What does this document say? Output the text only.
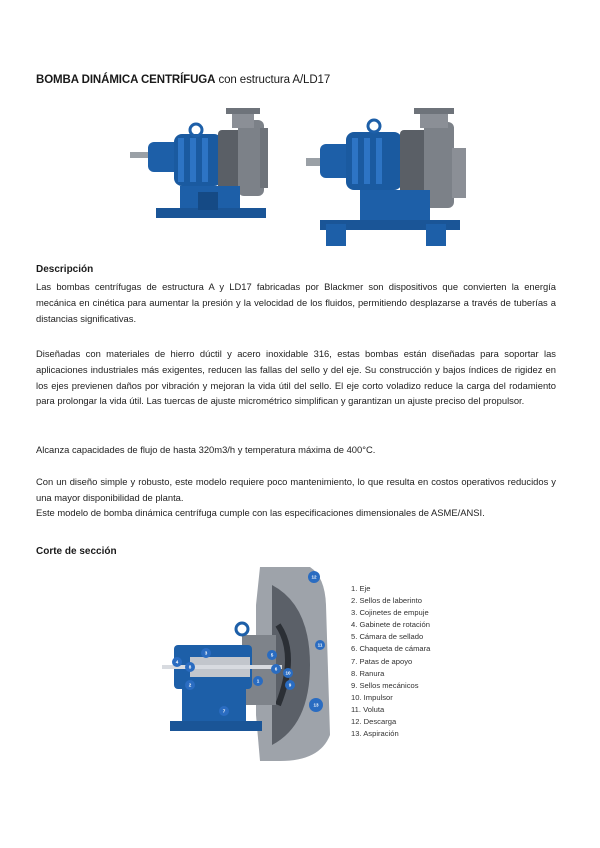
BOMBA DINÁMICA CENTRÍFUGA con estructura A/LD17
Descripción

Las bombas centrífugas de estructura A y LD17 fabricadas por Blackmer son dispositivos que convierten la energía mecánica en cinética para aumentar la presión y la velocidad de los fluidos, permitiendo desplazarse a través de tuberías a distancias significativas.

Diseñadas con materiales de hierro dúctil y acero inoxidable 316, estas bombas están diseñadas para soportar las aplicaciones industriales más exigentes, reducen las fallas del sello y del eje. Su construcción y bajos índices de rigidez en los ejes previenen daños por vibración y mejoran la vida útil del sello. El eje corto voladizo reduce la carga del rodamiento para prolongar la vida útil. Las tuercas de ajuste micrométrico simplifican y garantizan un ajuste preciso del propulsor.

Alcanza capacidades de flujo de hasta 320m3/h y temperatura máxima de 400°C.

Con un diseño simple y robusto, este modelo requiere poco mantenimiento, lo que resulta en costos operativos reducidos y una mayor disponibilidad de planta.

Este modelo de bomba dinámica centrífuga cumple con las especificaciones dimensionales de ASME/ANSI.

Corte de sección
1
2
3
4
5
6
7
8
9
10
11
12
13
1. Eje
2. Sellos de laberinto
3. Cojinetes de empuje
4. Gabinete de rotación
5. Cámara de sellado
6. Chaqueta de cámara
7. Patas de apoyo
8. Ranura
9. Sellos mecánicos
10. Impulsor
11. Voluta
12. Descarga
13. Aspiración
